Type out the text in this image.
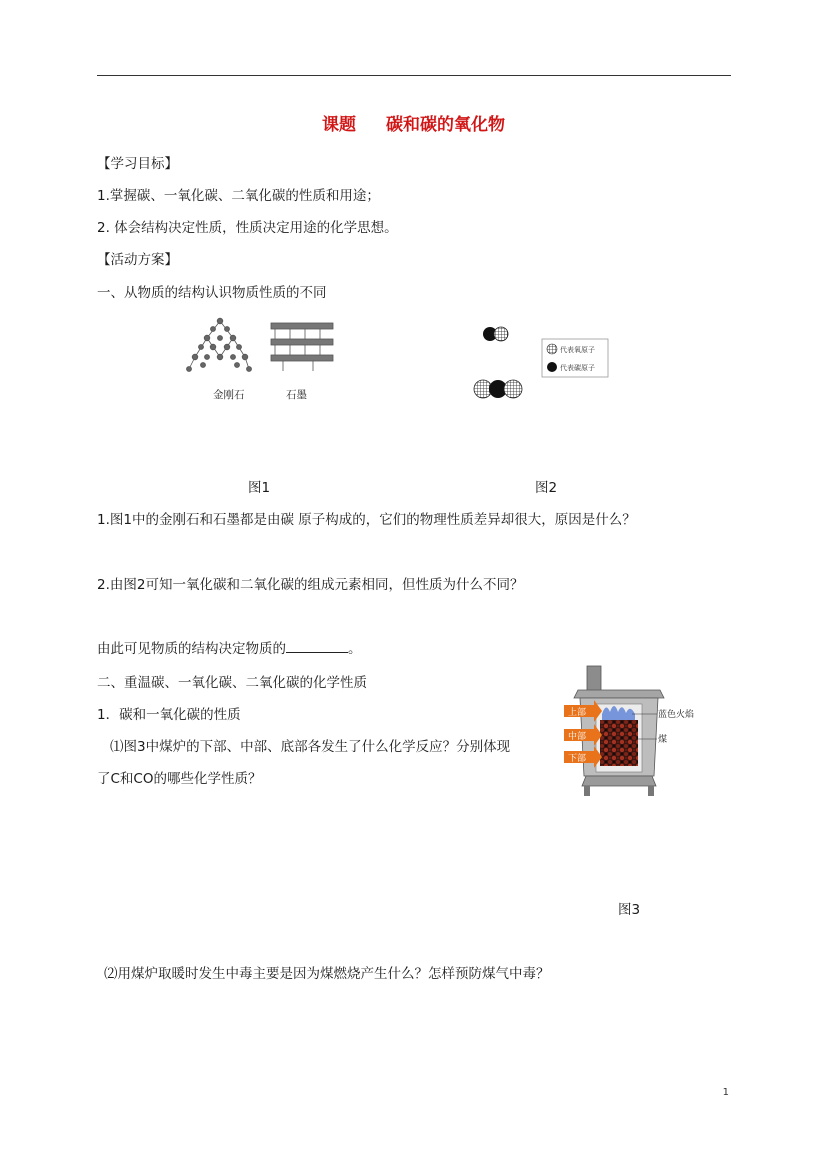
课题 碳和碳的氧化物
【学习目标】
1.掌握碳、一氧化碳、二氧化碳的性质和用途；
2. 体会结构决定性质，性质决定用途的化学思想。
【活动方案】
一、从物质的结构认识物质性质的不同
金刚石	石墨
代表氧原子
代表碳原子
图1	图2
1.图1中的金刚石和石墨都是由碳 原子构成的，它们的物理性质差异却很大，原因是什么？
2.由图2可知一氧化碳和二氧化碳的组成元素相同，但性质为什么不同？
由此可见物质的结构决定物质的	。
二、重温碳、一氧化碳、二氧化碳的化学性质
1．碳和一氧化碳的性质
⑴图3中煤炉的下部、中部、底部各发生了什么化学反应？分别体现
了C和CO的哪些化学性质？
上部
中部
下部
蓝色火焰
煤
图3
⑵用煤炉取暖时发生中毒主要是因为煤燃烧产生什么？怎样预防煤气中毒？
1
